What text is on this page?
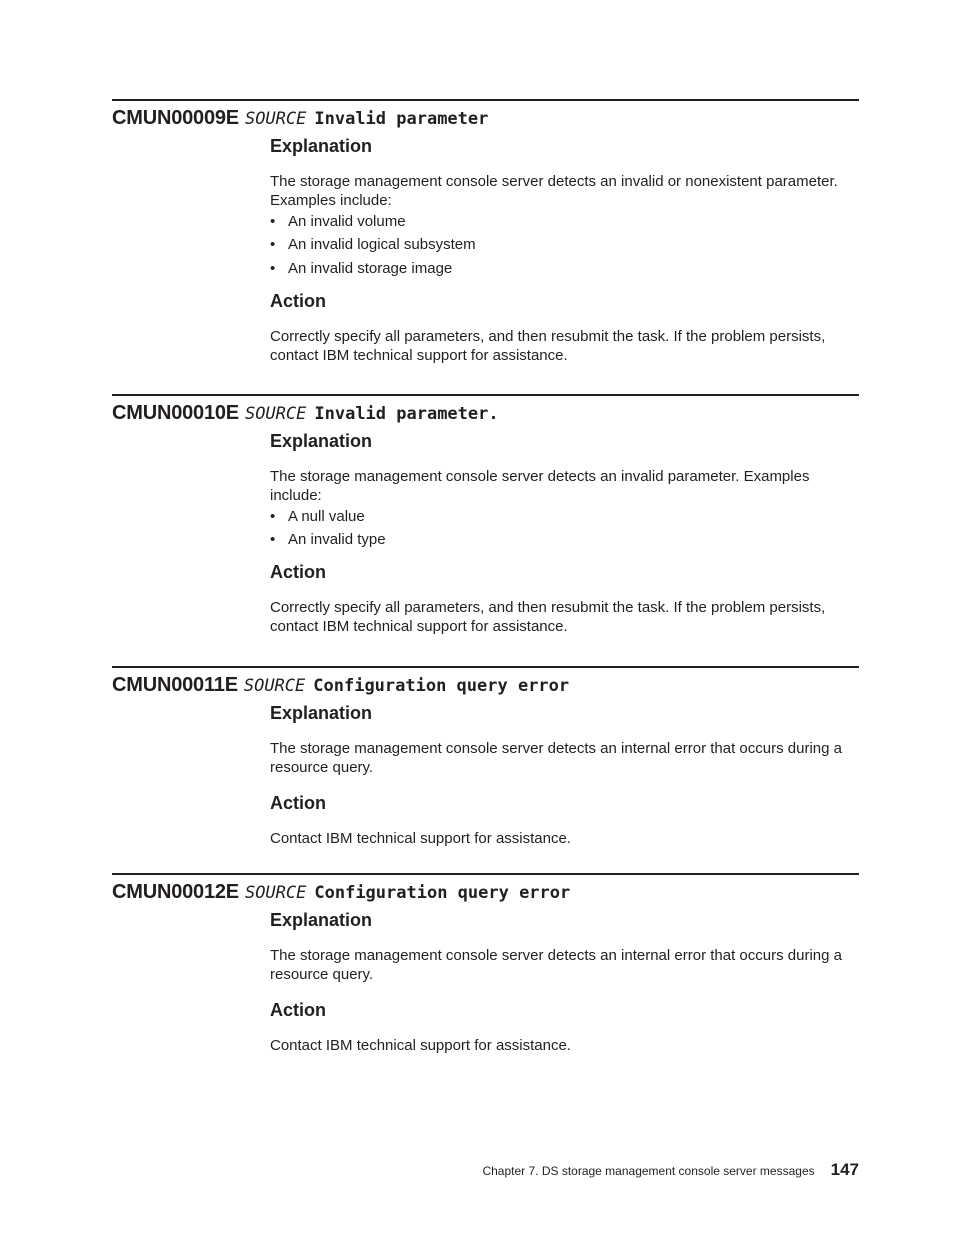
CMUN00009E SOURCE Invalid parameter
Explanation
The storage management console server detects an invalid or nonexistent parameter. Examples include:
• An invalid volume
• An invalid logical subsystem
• An invalid storage image
Action
Correctly specify all parameters, and then resubmit the task. If the problem persists, contact IBM technical support for assistance.
CMUN00010E SOURCE Invalid parameter.
Explanation
The storage management console server detects an invalid parameter. Examples include:
• A null value
• An invalid type
Action
Correctly specify all parameters, and then resubmit the task. If the problem persists, contact IBM technical support for assistance.
CMUN00011E SOURCE Configuration query error
Explanation
The storage management console server detects an internal error that occurs during a resource query.
Action
Contact IBM technical support for assistance.
CMUN00012E SOURCE Configuration query error
Explanation
The storage management console server detects an internal error that occurs during a resource query.
Action
Contact IBM technical support for assistance.
Chapter 7. DS storage management console server messages 147
